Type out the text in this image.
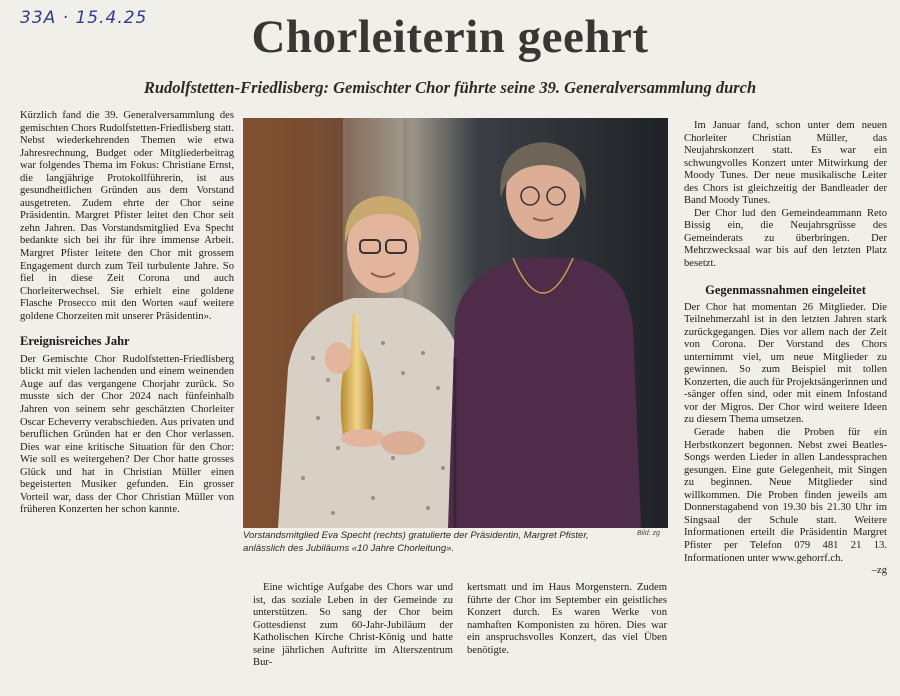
33A · 15.4.25	Chorleiterin geehrt
Rudolfstetten-Friedlisberg: Gemischter Chor führte seine 39. Generalversammlung durch

Kürzlich fand die 39. Generalversammlung des gemischten Chors Rudolfstetten-Friedlisberg statt. Nebst wiederkehrenden Themen wie etwa Jahresrechnung, Budget oder Mitgliederbeitrag war folgendes Thema im Fokus: Christiane Ernst, die langjährige Protokollführerin, ist aus gesundheitlichen Gründen aus dem Vorstand ausgetreten. Zudem ehrte der Chor seine Präsidentin. Margret Pfister leitet den Chor seit zehn Jahren. Das Vorstandsmitglied Eva Specht bedankte sich bei ihr für ihre immense Arbeit. Margret Pfister leitete den Chor mit grossem Engagement durch zum Teil turbulente Jahre. So fiel in diese Zeit Corona und auch Chorleiterwechsel. Sie erhielt eine goldene Flasche Prosecco mit den Worten «auf weitere goldene Chorzeiten mit unserer Präsidentin».

Ereignisreiches Jahr

Der Gemischte Chor Rudolfstetten-Friedlisberg blickt mit vielen lachenden und einem weinenden Auge auf das vergangene Chorjahr zurück. So musste sich der Chor 2024 nach fünfeinhalb Jahren von seinem sehr geschätzten Chorleiter Oscar Echeverry verabschieden. Aus privaten und beruflichen Gründen hat er den Chor verlassen. Dies war eine kritische Situation für den Chor: Wie soll es weitergehen? Der Chor hatte grosses Glück und hat in Christian Müller einen begeisterten Musiker gefunden. Ein grosser Vorteil war, dass der Chor Christian Müller von früheren Konzerten her schon kannte.

Vorstandsmitglied Eva Specht (rechts) gratulierte der Präsidentin, Margret Pfister, anlässlich des Jubiläums «10 Jahre Chorleitung».
Bild: zg

Eine wichtige Aufgabe des Chors war und ist, das soziale Leben in der Gemeinde zu unterstützen. So sang der Chor beim Gottesdienst zum 60-Jahr-Jubiläum der Katholischen Kirche Christ-König und hatte seine jährlichen Auftritte im Alterszentrum Bur-

kertsmatt und im Haus Morgenstern. Zudem führte der Chor im September ein geistliches Konzert durch. Es waren Werke von namhaften Komponisten zu hören. Dies war ein anspruchsvolles Konzert, das viel Üben benötigte.

Im Januar fand, schon unter dem neuen Chorleiter Christian Müller, das Neujahrskonzert statt. Es war ein schwungvolles Konzert unter Mitwirkung der Moody Tunes. Der neue musikalische Leiter des Chors ist gleichzeitig der Bandleader der Band Moody Tunes.

Der Chor lud den Gemeindeammann Reto Bissig ein, die Neujahrsgrüsse des Gemeinderats zu überbringen. Der Mehrzwecksaal war bis auf den letzten Platz besetzt.

Gegenmassnahmen eingeleitet

Der Chor hat momentan 26 Mitglieder. Die Teilnehmerzahl ist in den letzten Jahren stark zurückgegangen. Dies vor allem nach der Zeit von Corona. Der Vorstand des Chors unternimmt viel, um neue Mitglieder zu gewinnen. So zum Beispiel mit tollen Konzerten, die auch für Projektsängerinnen und -sänger offen sind, oder mit einem Infostand vor der Migros. Der Chor wird weitere Ideen zu diesem Thema umsetzen.

Gerade haben die Proben für ein Herbstkonzert begonnen. Nebst zwei Beatles-Songs werden Lieder in allen Landessprachen gesungen. Eine gute Gelegenheit, mit Singen zu beginnen. Neue Mitglieder sind willkommen. Die Proben finden jeweils am Donnerstagabend von 19.30 bis 21.30 Uhr im Singsaal der Schule statt. Weitere Informationen erteilt die Präsidentin Margret Pfister per Telefon 079 481 21 13. Informationen unter www.gehorrf.ch.

–zg
